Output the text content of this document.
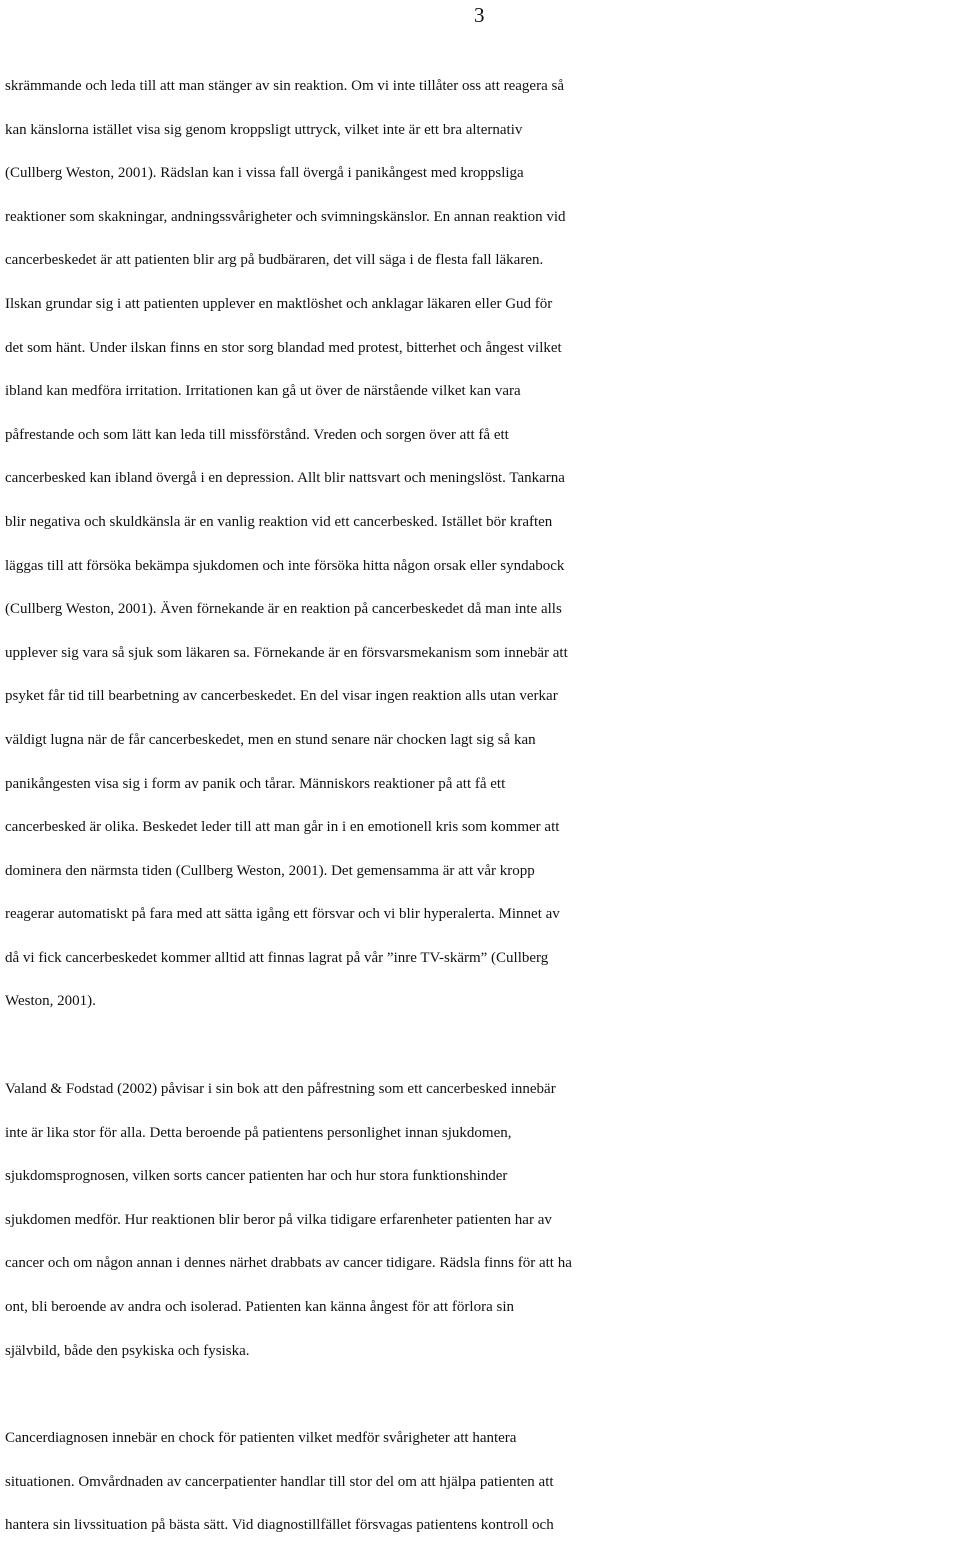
3

skrämmande och leda till att man stänger av sin reaktion. Om vi inte tillåter oss att reagera så
kan känslorna istället visa sig genom kroppsligt uttryck, vilket inte är ett bra alternativ
(Cullberg Weston, 2001). Rädslan kan i vissa fall övergå i panikångest med kroppsliga
reaktioner som skakningar, andningssvårigheter och svimningskänslor. En annan reaktion vid
cancerbeskedet är att patienten blir arg på budbäraren, det vill säga i de flesta fall läkaren.
Ilskan grundar sig i att patienten upplever en maktlöshet och anklagar läkaren eller Gud för
det som hänt. Under ilskan finns en stor sorg blandad med protest, bitterhet och ångest vilket
ibland kan medföra irritation. Irritationen kan gå ut över de närstående vilket kan vara
påfrestande och som lätt kan leda till missförstånd. Vreden och sorgen över att få ett
cancerbesked kan ibland övergå i en depression. Allt blir nattsvart och meningslöst. Tankarna
blir negativa och skuldkänsla är en vanlig reaktion vid ett cancerbesked. Istället bör kraften
läggas till att försöka bekämpa sjukdomen och inte försöka hitta någon orsak eller syndabock
(Cullberg Weston, 2001). Även förnekande är en reaktion på cancerbeskedet då man inte alls
upplever sig vara så sjuk som läkaren sa. Förnekande är en försvarsmekanism som innebär att
psyket får tid till bearbetning av cancerbeskedet. En del visar ingen reaktion alls utan verkar
väldigt lugna när de får cancerbeskedet, men en stund senare när chocken lagt sig så kan
panikångesten visa sig i form av panik och tårar. Människors reaktioner på att få ett
cancerbesked är olika. Beskedet leder till att man går in i en emotionell kris som kommer att
dominera den närmsta tiden (Cullberg Weston, 2001). Det gemensamma är att vår kropp
reagerar automatiskt på fara med att sätta igång ett försvar och vi blir hyperalerta. Minnet av
då vi fick cancerbeskedet kommer alltid att finnas lagrat på vår ”inre TV-skärm” (Cullberg
Weston, 2001).

Valand & Fodstad (2002) påvisar i sin bok att den påfrestning som ett cancerbesked innebär
inte är lika stor för alla. Detta beroende på patientens personlighet innan sjukdomen,
sjukdomsprognosen, vilken sorts cancer patienten har och hur stora funktionshinder
sjukdomen medför. Hur reaktionen blir beror på vilka tidigare erfarenheter patienten har av
cancer och om någon annan i dennes närhet drabbats av cancer tidigare. Rädsla finns för att ha
ont, bli beroende av andra och isolerad. Patienten kan känna ångest för att förlora sin
självbild, både den psykiska och fysiska.

Cancerdiagnosen innebär en chock för patienten vilket medför svårigheter att hantera
situationen. Omvårdnaden av cancerpatienter handlar till stor del om att hjälpa patienten att
hantera sin livssituation på bästa sätt. Vid diagnostillfället försvagas patientens kontroll och
